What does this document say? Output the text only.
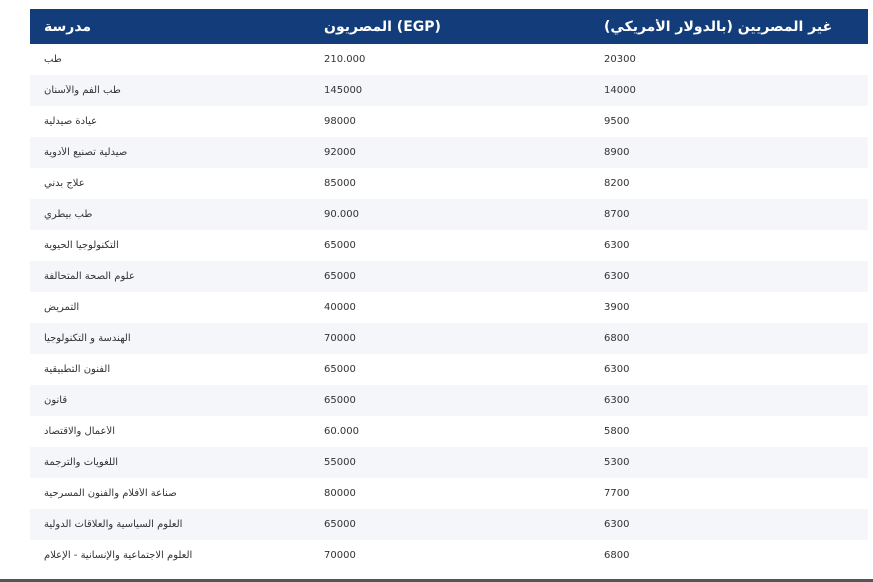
مدرسة	المصريون (EGP)	غير المصريين (بالدولار الأمريكي)

طب	210.000	20300

طب الفم والأسنان	145000	14000

عيادة صيدلية	98000	9500

صيدلية تصنيع الأدوية	92000	8900

علاج بدني	85000	8200

طب بيطري	90.000	8700

التكنولوجيا الحيوية	65000	6300

علوم الصحة المتحالفة	65000	6300

التمريض	40000	3900

الهندسة و التكنولوجيا	70000	6800

الفنون التطبيقية	65000	6300

قانون	65000	6300

الأعمال والاقتصاد	60.000	5800

اللغويات والترجمة	55000	5300

صناعة الأفلام والفنون المسرحية	80000	7700

العلوم السياسية والعلاقات الدولية	65000	6300

العلوم الاجتماعية والإنسانية - الإعلام	70000	6800
